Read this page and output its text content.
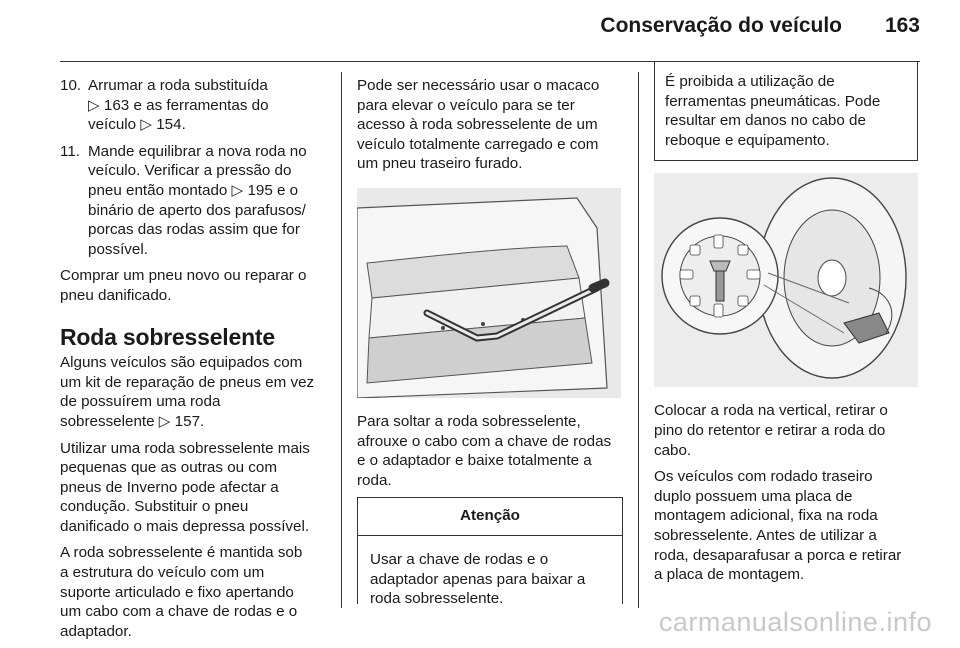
Conservação do veículo 163
10. Arrumar a roda substituída
▷ 163 e as ferramentas do
veículo ▷ 154.
11. Mande equilibrar a nova roda no
veículo. Verificar a pressão do
pneu então montado ▷ 195 e o
binário de aperto dos parafusos/
porcas das rodas assim que for
possível.

Comprar um pneu novo ou reparar o
pneu danificado.

Roda sobresselente

Alguns veículos são equipados com
um kit de reparação de pneus em vez
de possuírem uma roda
sobresselente ▷ 157.

Utilizar uma roda sobresselente mais
pequenas que as outras ou com
pneus de Inverno pode afectar a
condução. Substituir o pneu
danificado o mais depressa possível.

A roda sobresselente é mantida sob
a estrutura do veículo com um
suporte articulado e fixo apertando
um cabo com a chave de rodas e o
adaptador.

Pode ser necessário usar o macaco
para elevar o veículo para se ter
acesso à roda sobresselente de um
veículo totalmente carregado e com
um pneu traseiro furado.

Para soltar a roda sobresselente,
afrouxe o cabo com a chave de rodas
e o adaptador e baixe totalmente a
roda.

Atenção
Usar a chave de rodas e o
adaptador apenas para baixar a
roda sobresselente.
É proibida a utilização de
ferramentas pneumáticas. Pode
resultar em danos no cabo de
reboque e equipamento.

Colocar a roda na vertical, retirar o
pino do retentor e retirar a roda do
cabo.

Os veículos com rodado traseiro
duplo possuem uma placa de
montagem adicional, fixa na roda
sobresselente. Antes de utilizar a
roda, desaparafusar a porca e retirar
a placa de montagem.

carmanualsonline.info
